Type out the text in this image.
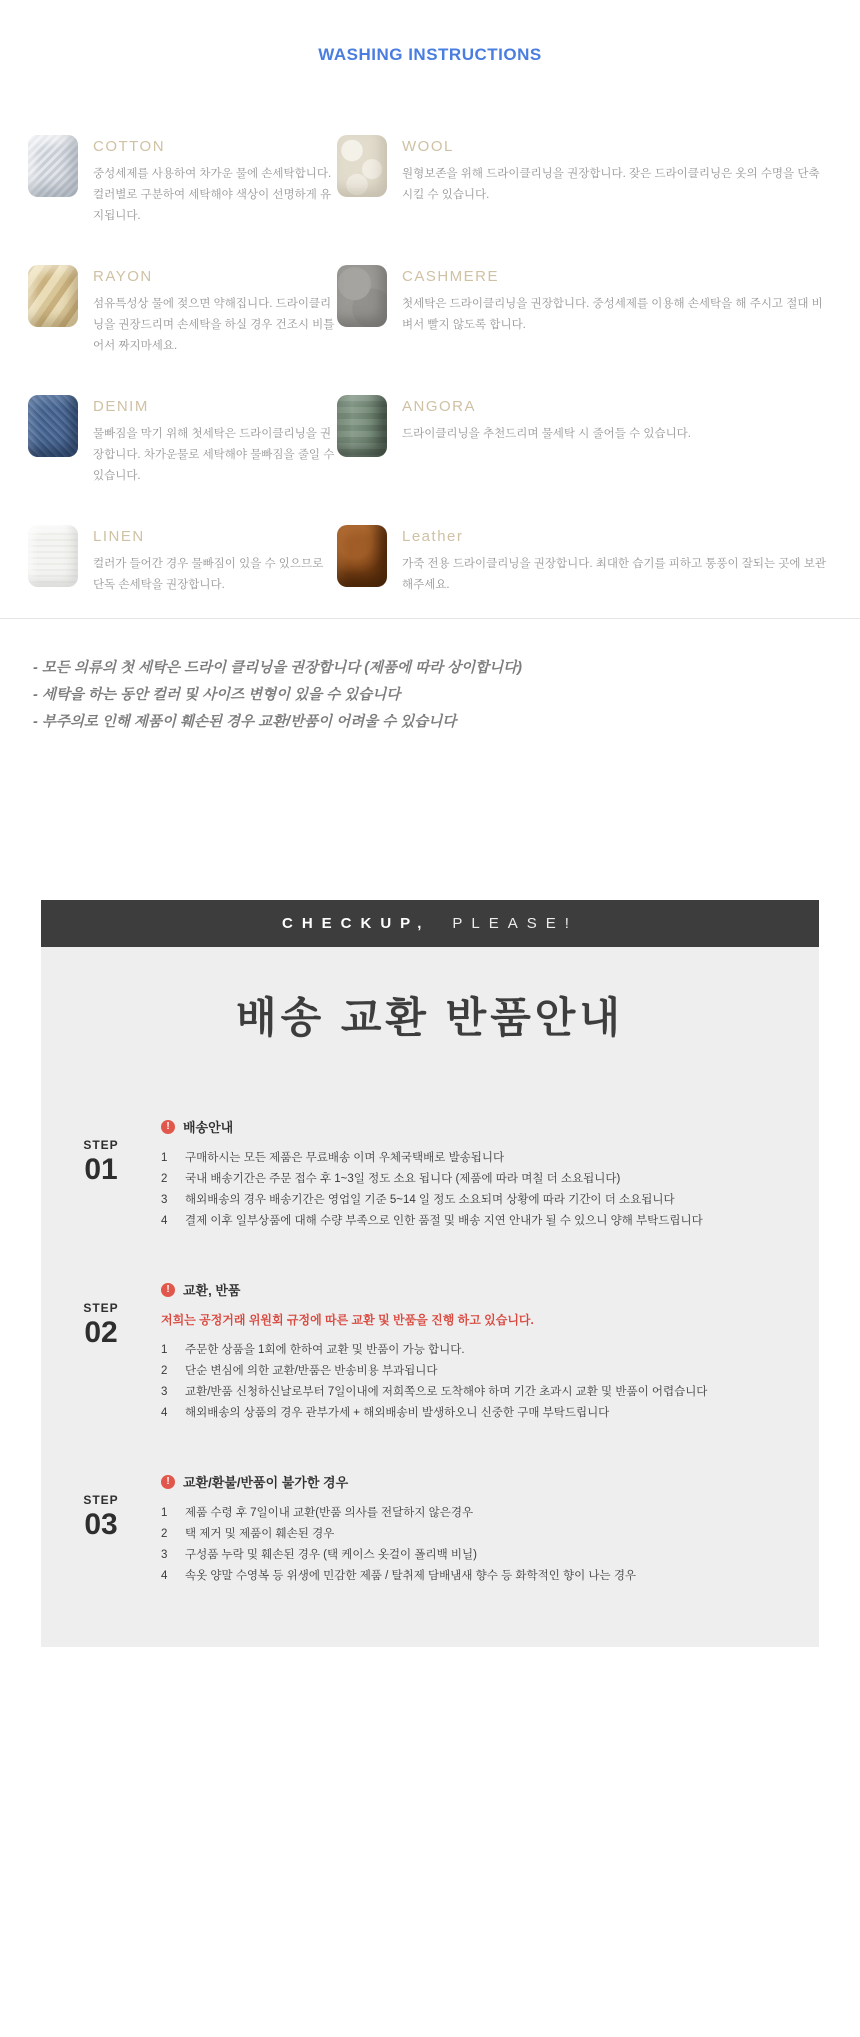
WASHING INSTRUCTIONS
COTTON
중성세제를 사용하여 차가운 물에 손세탁합니다. 컬러별로 구분하여 세탁해야 색상이 선명하게 유지됩니다.
WOOL
원형보존을 위해 드라이클리닝을 권장합니다. 잦은 드라이클리닝은 옷의 수명을 단축시킬 수 있습니다.
RAYON
섬유특성상 물에 젖으면 약해집니다. 드라이클리닝을 권장드리며 손세탁을 하실 경우 건조시 비틀어서 짜지마세요.
CASHMERE
첫세탁은 드라이클리닝을 권장합니다. 중성세제를 이용해 손세탁을 해 주시고 절대 비벼서 빨지 않도록 합니다.
DENIM
물빠짐을 막기 위해 첫세탁은 드라이클리닝을 권장합니다. 차가운물로 세탁해야 물빠짐을 줄일 수 있습니다.
ANGORA
드라이클리닝을 추천드리며 물세탁 시 줄어들 수 있습니다.
LINEN
컬러가 들어간 경우 물빠짐이 있을 수 있으므로 단독 손세탁을 권장합니다.
Leather
가죽 전용 드라이클리닝을 권장합니다. 최대한 습기를 피하고 통풍이 잘되는 곳에 보관해주세요.
- 모든 의류의 첫 세탁은 드라이 클리닝을 권장합니다 (제품에 따라 상이합니다)
- 세탁을 하는 동안 컬러 및 사이즈 변형이 있을 수 있습니다
- 부주의로 인해 제품이 훼손된 경우 교환/반품이 어려울 수 있습니다
CHECKUP, PLEASE!
배송 교환 반품안내
STEP
01
!	배송안내
1	구매하시는 모든 제품은 무료배송 이며 우체국택배로 발송됩니다
2	국내 배송기간은 주문 접수 후 1~3일 정도 소요 됩니다 (제품에 따라 며칠 더 소요됩니다)
3	해외배송의 경우 배송기간은 영업일 기준 5~14 일 정도 소요되며 상황에 따라 기간이 더 소요됩니다
4	결제 이후 일부상품에 대해 수량 부족으로 인한 품절 및 배송 지연 안내가 될 수 있으니 양해 부탁드립니다
STEP
02
!	교환, 반품
저희는 공정거래 위원회 규정에 따른 교환 및 반품을 진행 하고 있습니다.
1	주문한 상품을 1회에 한하여 교환 및 반품이 가능 합니다.
2	단순 변심에 의한 교환/반품은 반송비용 부과됩니다
3	교환/반품 신청하신날로부터 7일이내에 저희쪽으로 도착해야 하며 기간 초과시 교환 및 반품이 어렵습니다
4	해외배송의 상품의 경우 관부가세 + 해외배송비 발생하오니 신중한 구매 부탁드립니다
STEP
03
!	교환/환불/반품이 불가한 경우
1	제품 수령 후 7일이내 교환(반품 의사를 전달하지 않은경우
2	택 제거 및 제품이 훼손된 경우
3	구성품 누락 및 훼손된 경우 (택 케이스 옷걸이 폴리백 비닐)
4	속옷 양말 수영복 등 위생에 민감한 제품 / 탈취제 담배냄새 향수 등 화학적인 향이 나는 경우
